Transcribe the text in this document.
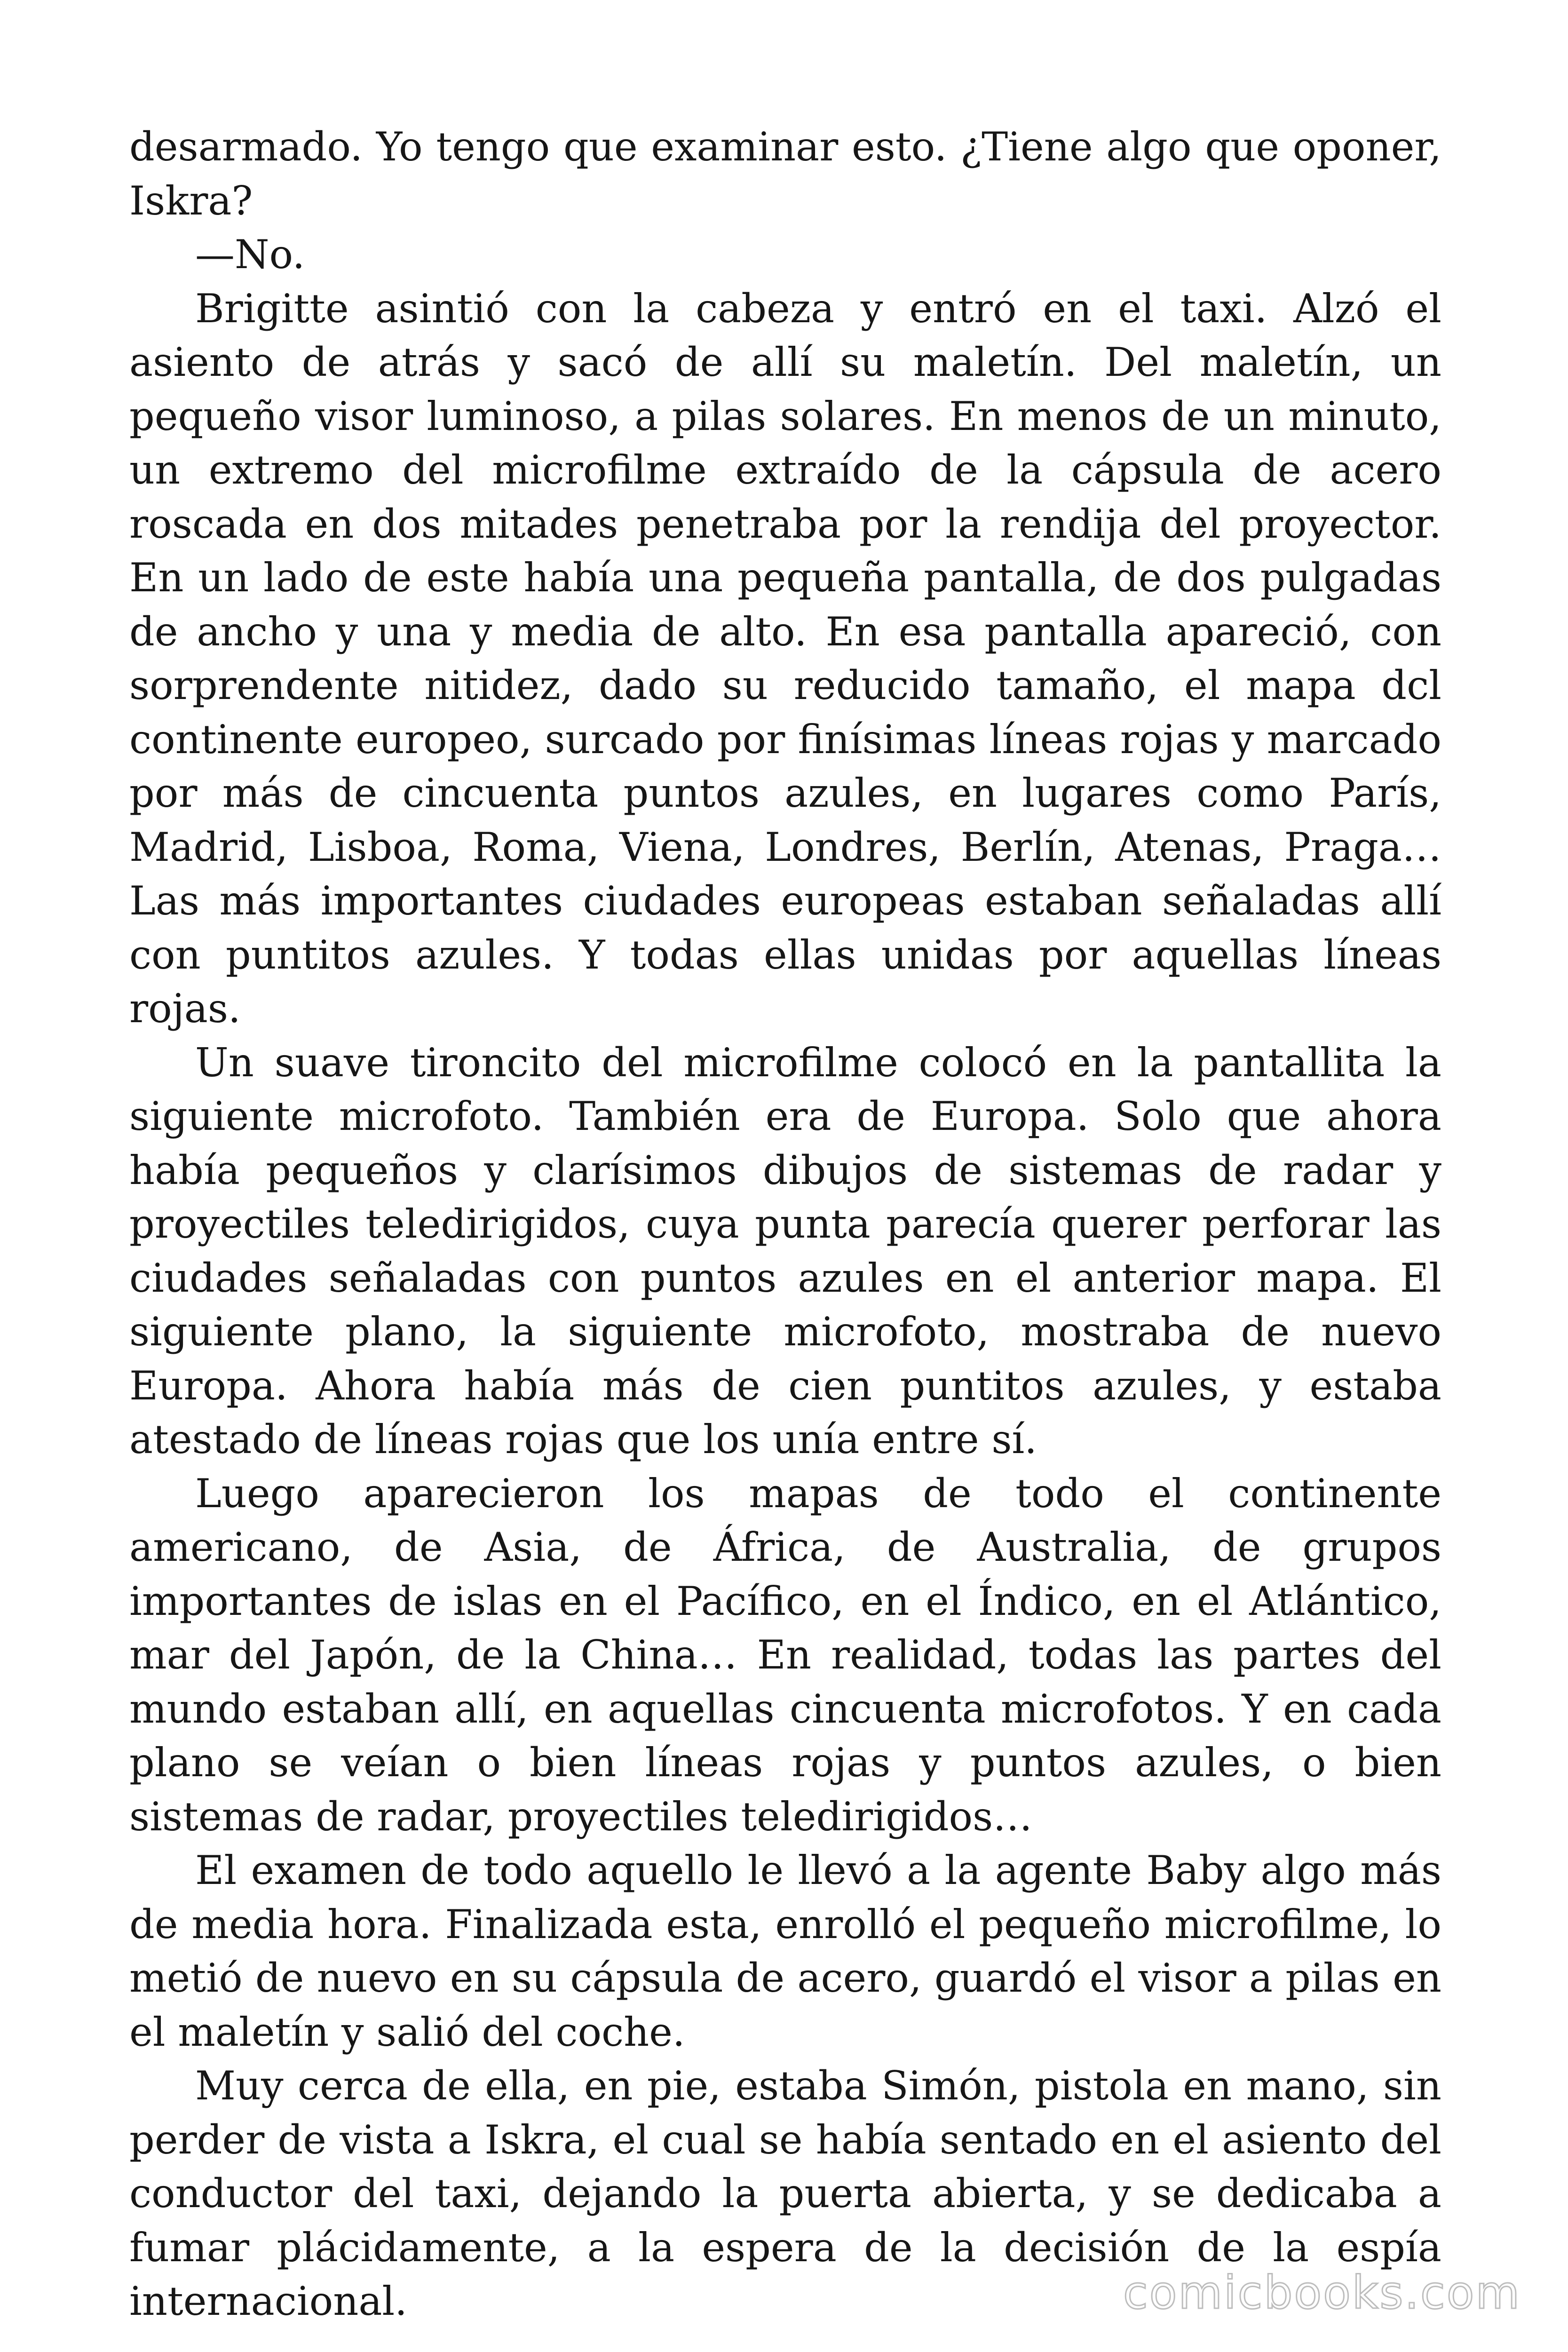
desarmado. Yo tengo que examinar esto. ¿Tiene algo que oponer, Iskra?

—No.

Brigitte asintió con la cabeza y entró en el taxi. Alzó el asiento de atrás y sacó de allí su maletín. Del maletín, un pequeño visor luminoso, a pilas solares. En menos de un minuto, un extremo del microfilme extraído de la cápsula de acero roscada en dos mitades penetraba por la rendija del proyector. En un lado de este había una pequeña pantalla, de dos pulgadas de ancho y una y media de alto. En esa pantalla apareció, con sorprendente nitidez, dado su reducido tamaño, el mapa dcl continente europeo, surcado por finísimas líneas rojas y marcado por más de cincuenta puntos azules, en lugares como París, Madrid, Lisboa, Roma, Viena, Londres, Berlín, Atenas, Praga… Las más importantes ciudades europeas estaban señaladas allí con puntitos azules. Y todas ellas unidas por aquellas líneas rojas.

Un suave tironcito del microfilme colocó en la pantallita la siguiente microfoto. También era de Europa. Solo que ahora había pequeños y clarísimos dibujos de sistemas de radar y proyectiles teledirigidos, cuya punta parecía querer perforar las ciudades señaladas con puntos azules en el anterior mapa. El siguiente plano, la siguiente microfoto, mostraba de nuevo Europa. Ahora había más de cien puntitos azules, y estaba atestado de líneas rojas que los unía entre sí.

Luego aparecieron los mapas de todo el continente americano, de Asia, de África, de Australia, de grupos importantes de islas en el Pacífico, en el Índico, en el Atlántico, mar del Japón, de la China… En realidad, todas las partes del mundo estaban allí, en aquellas cincuenta microfotos. Y en cada plano se veían o bien líneas rojas y puntos azules, o bien sistemas de radar, proyectiles teledirigidos…

El examen de todo aquello le llevó a la agente Baby algo más de media hora. Finalizada esta, enrolló el pequeño microfilme, lo metió de nuevo en su cápsula de acero, guardó el visor a pilas en el maletín y salió del coche.

Muy cerca de ella, en pie, estaba Simón, pistola en mano, sin perder de vista a Iskra, el cual se había sentado en el asiento del conductor del taxi, dejando la puerta abierta, y se dedicaba a fumar plácidamente, a la espera de la decisión de la espía internacional.	comicbooks.com
